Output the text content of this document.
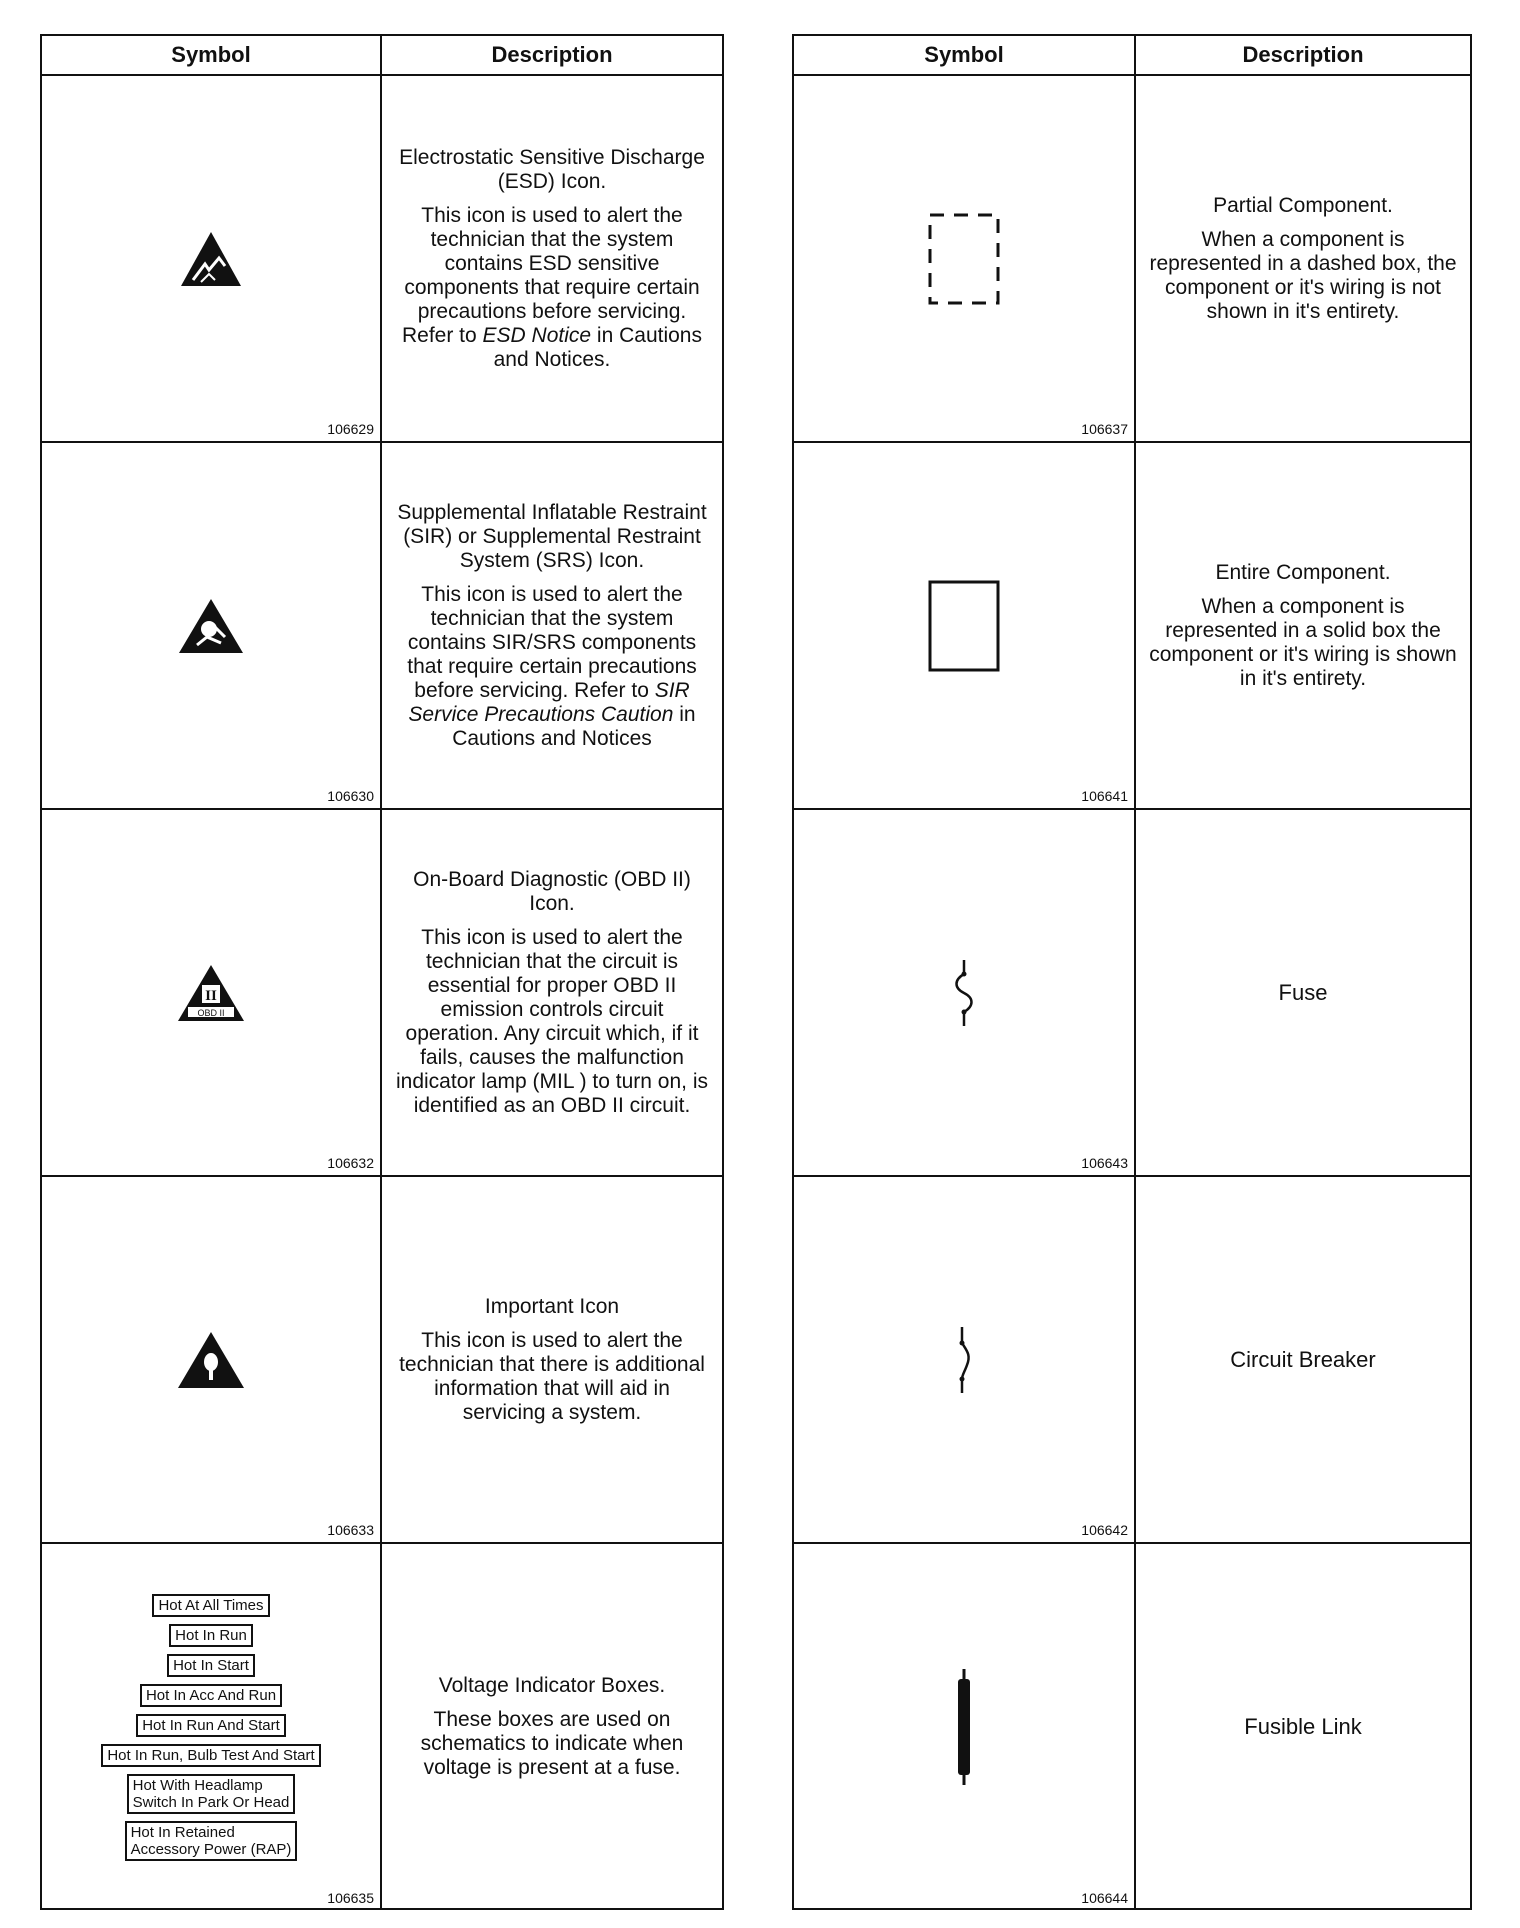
Symbol	Description
106629
Electrostatic Sensitive Discharge (ESD) Icon.
This icon is used to alert the technician that the system contains ESD sensitive components that require certain precautions before servicing. Refer to ESD Notice in Cautions and Notices.
106630
Supplemental Inflatable Restraint (SIR) or Supplemental Restraint System (SRS) Icon.
This icon is used to alert the technician that the system contains SIR/SRS components that require certain precautions before servicing. Refer to SIR Service Precautions Caution in Cautions and Notices
II
OBD II
106632
On-Board Diagnostic (OBD II) Icon.
This icon is used to alert the technician that the circuit is essential for proper OBD II emission controls circuit operation. Any circuit which, if it fails, causes the malfunction indicator lamp (MIL ) to turn on, is identified as an OBD II circuit.
106633
Important Icon
This icon is used to alert the technician that there is additional information that will aid in servicing a system.
Hot At All Times
Hot In Run
Hot In Start
Hot In Acc And Run
Hot In Run And Start
Hot In Run, Bulb Test And Start
Hot With Headlamp
Switch In Park Or Head
Hot In Retained
Accessory Power (RAP)
106635
Voltage Indicator Boxes.
These boxes are used on schematics to indicate when voltage is present at a fuse.
Symbol	Description
106637
Partial Component.
When a component is represented in a dashed box, the component or it's wiring is not shown in it's entirety.
106641
Entire Component.
When a component is represented in a solid box the component or it's wiring is shown in it's entirety.
106643
Fuse
106642
Circuit Breaker
106644
Fusible Link
